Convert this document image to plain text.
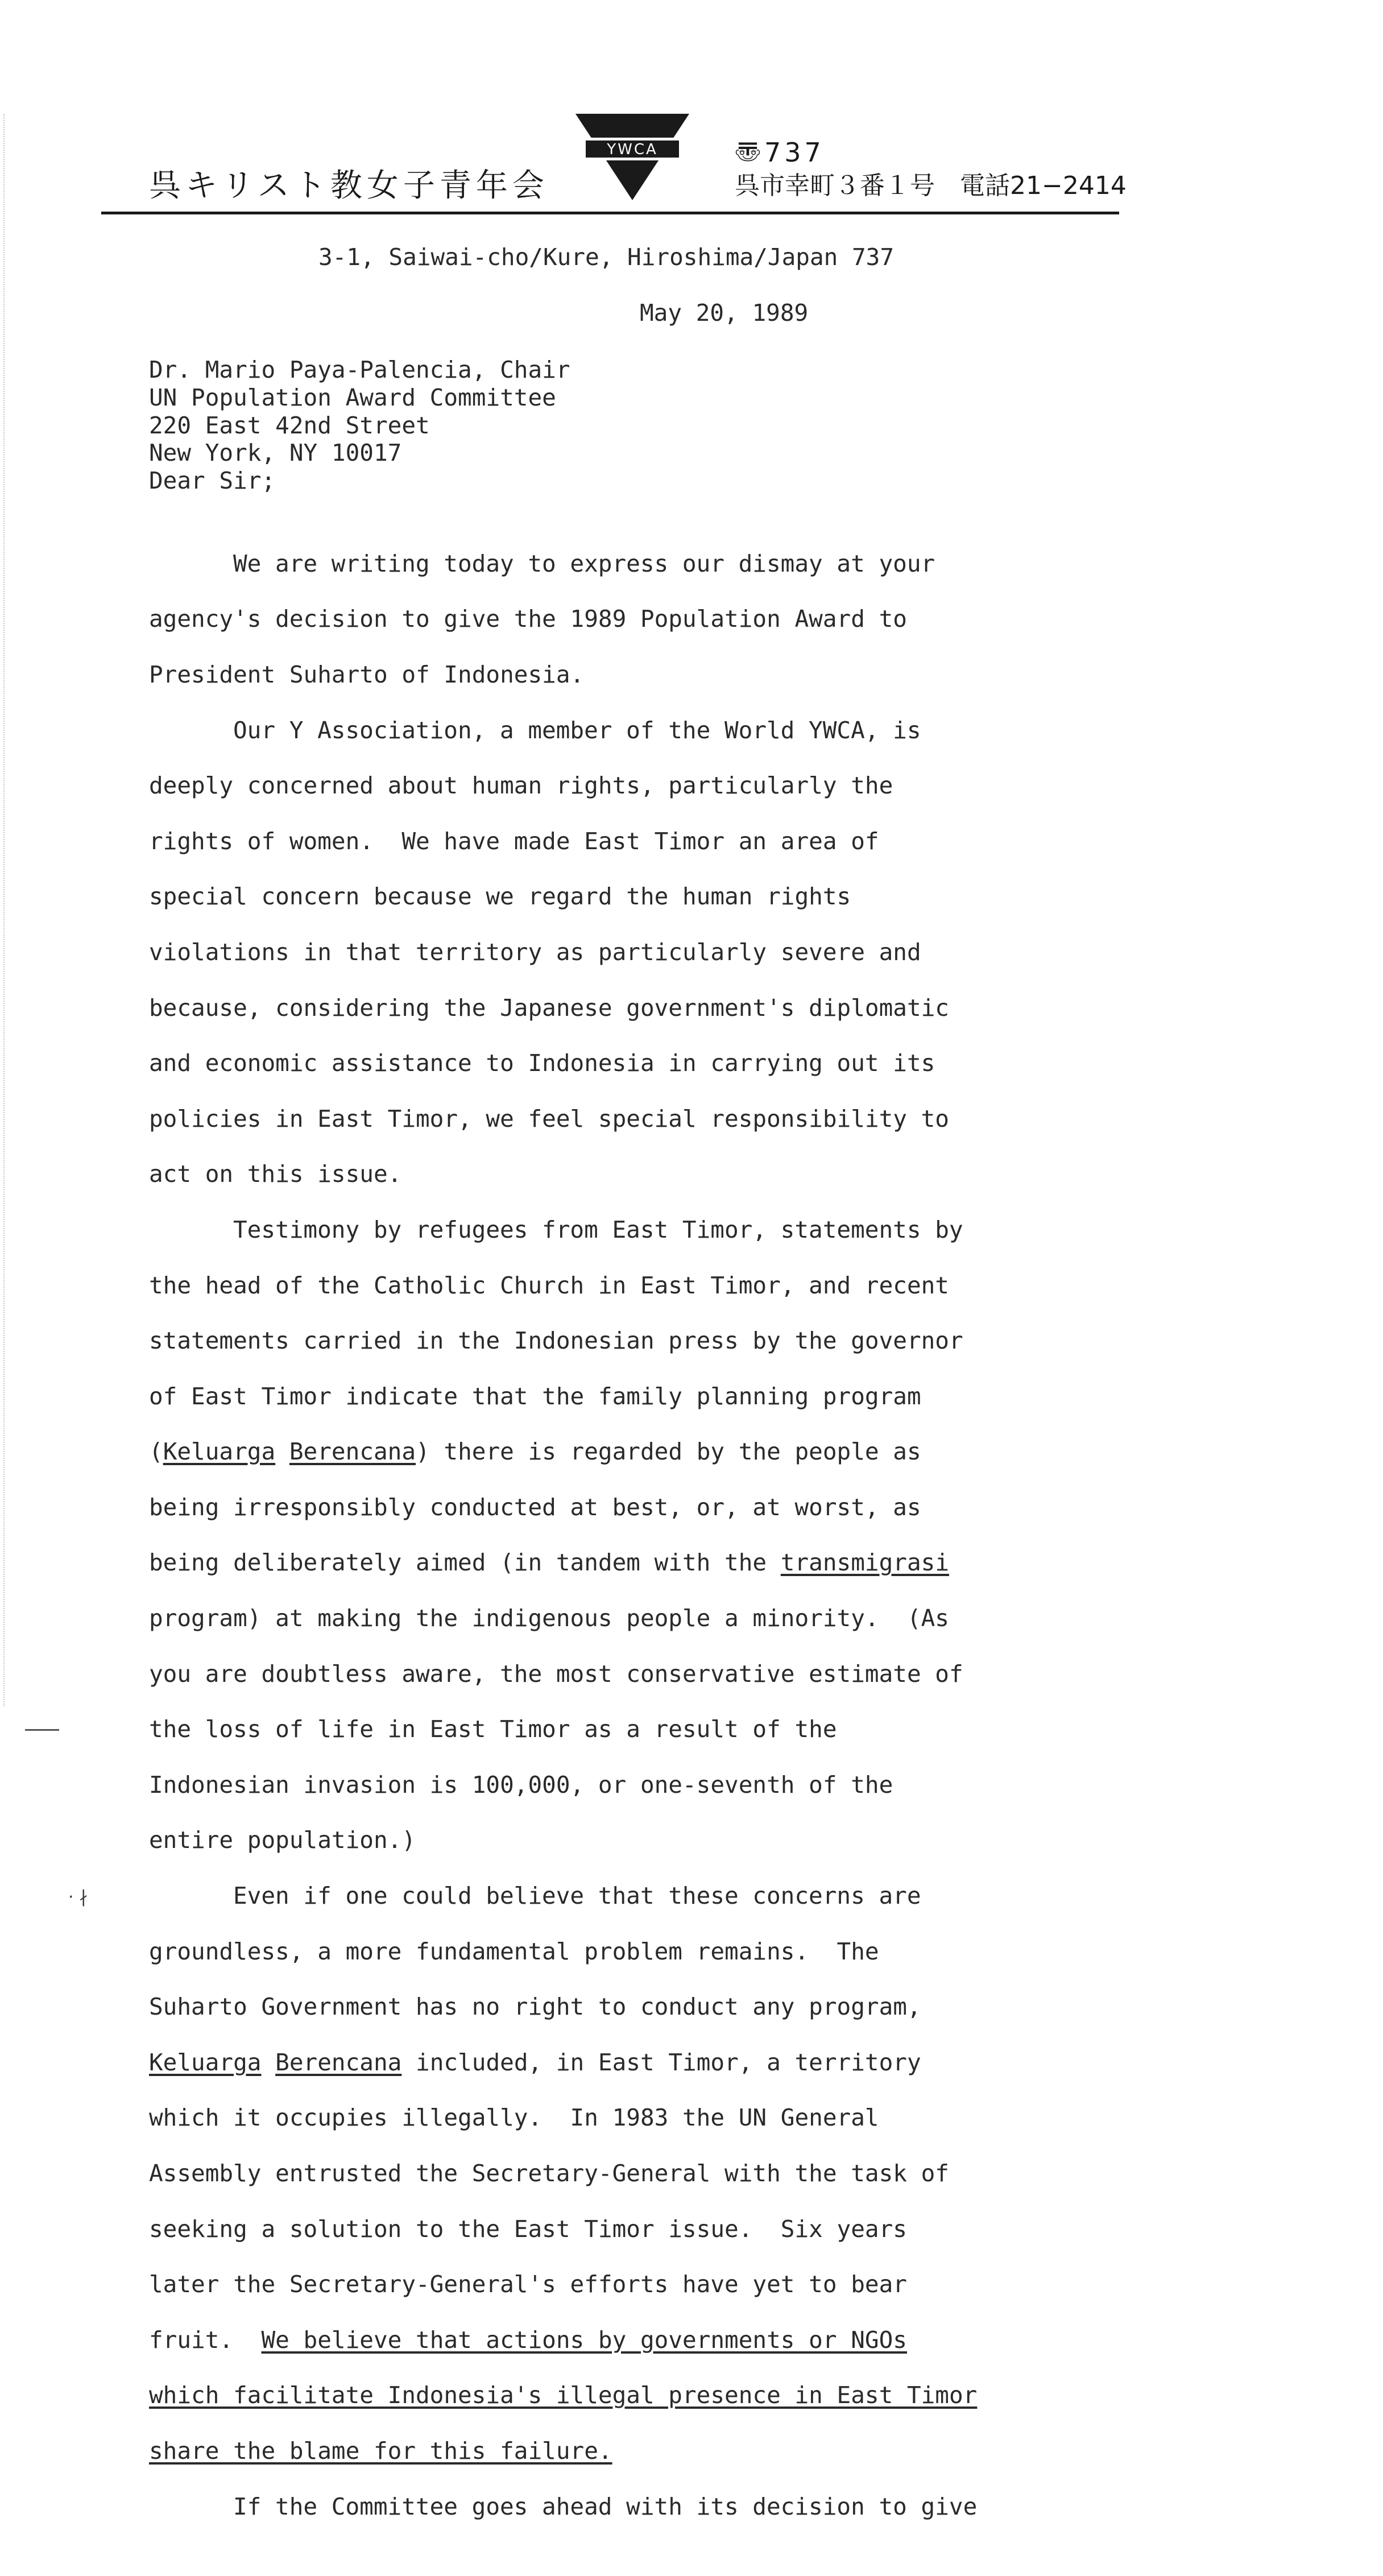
呉キリスト教女子青年会
YWCA	〠737
呉市幸町３番１号　電話21−2414
3-1, Saiwai-cho/Kure, Hiroshima/Japan 737
May 20, 1989
Dr. Mario Paya-Palencia, Chair
UN Population Award Committee
220 East 42nd Street
New York, NY 10017
Dear Sir;

We are writing today to express our dismay at your

agency's decision to give the 1989 Population Award to

President Suharto of Indonesia.

Our Y Association, a member of the World YWCA, is

deeply concerned about human rights, particularly the

rights of women.  We have made East Timor an area of

special concern because we regard the human rights

violations in that territory as particularly severe and

because, considering the Japanese government's diplomatic

and economic assistance to Indonesia in carrying out its

policies in East Timor, we feel special responsibility to

act on this issue.

Testimony by refugees from East Timor, statements by

the head of the Catholic Church in East Timor, and recent

statements carried in the Indonesian press by the governor

of East Timor indicate that the family planning program

(Keluarga Berencana) there is regarded by the people as

being irresponsibly conducted at best, or, at worst, as

being deliberately aimed (in tandem with the transmigrasi

program) at making the indigenous people a minority.  (As

you are doubtless aware, the most conservative estimate of

the loss of life in East Timor as a result of the

Indonesian invasion is 100,000, or one-seventh of the

entire population.)

Even if one could believe that these concerns are

groundless, a more fundamental problem remains.  The

Suharto Government has no right to conduct any program,

Keluarga Berencana included, in East Timor, a territory

which it occupies illegally.  In 1983 the UN General

Assembly entrusted the Secretary-General with the task of

seeking a solution to the East Timor issue.  Six years

later the Secretary-General's efforts have yet to bear

fruit.  We believe that actions by governments or NGOs

which facilitate Indonesia's illegal presence in East Timor

share the blame for this failure.

If the Committee goes ahead with its decision to give

· ∤
